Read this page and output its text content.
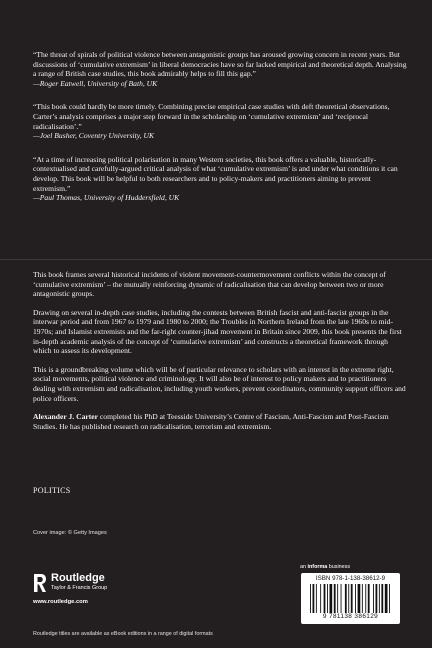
“The threat of spirals of political violence between antagonistic groups has aroused growing concern in recent years. But discussions of ‘cumulative extremism’ in liberal democracies have so far lacked empirical and theoretical depth. Analysing a range of British case studies, this book admirably helps to fill this gap.”

—Roger Eatwell, University of Bath, UK

“This book could hardly be more timely. Combining precise empirical case studies with deft theoretical observations, Carter’s analysis comprises a major step forward in the scholarship on ‘cumulative extremism’ and ‘reciprocal radicalisation’.”

—Joel Busher, Coventry University, UK

“At a time of increasing political polarisation in many Western societies, this book offers a valuable, historically-contextualised and carefully-argued critical analysis of what ‘cumulative extremism’ is and under what conditions it can develop. This book will be helpful to both researchers and to policy-makers and practitioners aiming to prevent extremism.”

—Paul Thomas, University of Huddersfield, UK

This book frames several historical incidents of violent movement-countermovement conflicts within the concept of ‘cumulative extremism’ – the mutually reinforcing dynamic of radicalisation that can develop between two or more antagonistic groups.

Drawing on several in-depth case studies, including the contests between British fascist and anti-fascist groups in the interwar period and from 1967 to 1979 and 1980 to 2000; the Troubles in Northern Ireland from the late 1960s to mid-1970s; and Islamist extremists and the far-right counter-jihad movement in Britain since 2009, this book presents the first in-depth academic analysis of the concept of ‘cumulative extremism’ and constructs a theoretical framework through which to assess its development.

This is a groundbreaking volume which will be of particular relevance to scholars with an interest in the extreme right, social movements, political violence and criminology. It will also be of interest to policy makers and to practitioners dealing with extremism and radicalisation, including youth workers, prevent coordinators, community support officers and police officers.

Alexander J. Carter completed his PhD at Teesside University’s Centre of Fascism, Anti-Fascism and Post-Fascism Studies. He has published research on radicalisation, terrorism and extremism.

POLITICS

Cover image: © Getty Images

Routledge
Taylor & Francis Group

www.routledge.com

an informa business
ISBN 978-1-138-38612-9
9 781138 386129

Routledge titles are available as eBook editions in a range of digital formats
